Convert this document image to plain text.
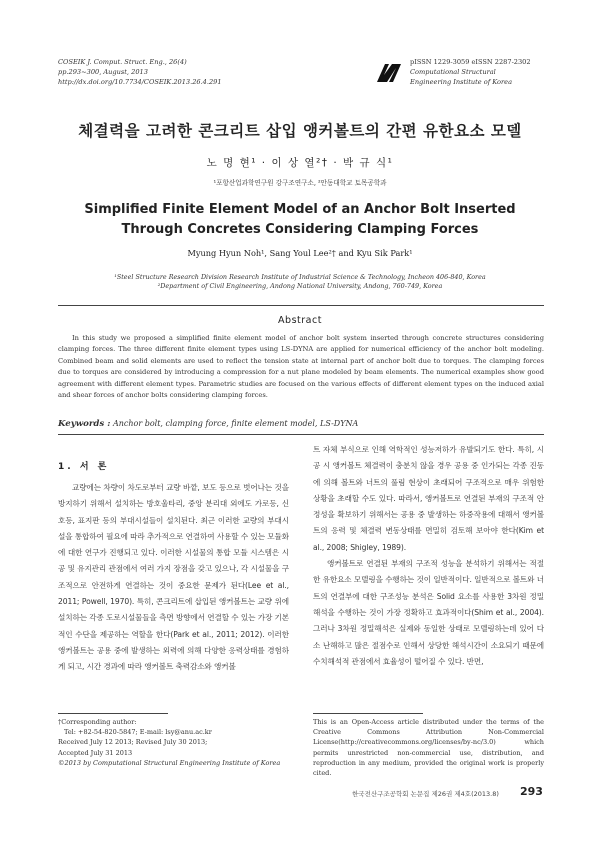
COSEIK J. Comput. Struct. Eng., 26(4)
pp.293~300, August, 2013
http://dx.doi.org/10.7734/COSEIK.2013.26.4.291
pISSN 1229-3059 eISSN 2287-2302
Computational Structural
Engineering Institute of Korea
체결력을 고려한 콘크리트 삽입 앵커볼트의 간편 유한요소 모델
노 명 현¹ · 이 상 열²† · 박 규 식¹
¹포항산업과학연구원 강구조연구소, ²안동대학교 토목공학과
Simplified Finite Element Model of an Anchor Bolt Inserted
Through Concretes Considering Clamping Forces
Myung Hyun Noh¹, Sang Youl Lee²† and Kyu Sik Park¹
¹Steel Structure Research Division Research Institute of Industrial Science & Technology, Incheon 406-840, Korea
²Department of Civil Engineering, Andong National University, Andong, 760-749, Korea
Abstract

In this study we proposed a simplified finite element model of anchor bolt system inserted through concrete structures considering clamping forces. The three different finite element types using LS-DYNA are applied for numerical efficiency of the anchor bolt modeling. Combined beam and solid elements are used to reflect the tension state at internal part of anchor bolt due to torques. The clamping forces due to torques are considered by introducing a compression for a nut plane modeled by beam elements. The numerical examples show good agreement with different element types. Parametric studies are focused on the various effects of different element types on the induced axial and shear forces of anchor bolts considering clamping forces.

Keywords : Anchor bolt, clamping force, finite element model, LS-DYNA
1. 서 론

교량에는 차량이 차도로부터 교량 바깥, 보도 등으로 벗어나는 것을 방지하기 위해서 설치하는 방호울타리, 중앙 분리대 외에도 가로등, 신호등, 표지판 등의 부대시설들이 설치된다. 최근 이러한 교량의 부대시설을 통합하여 필요에 따라 추가적으로 연결하여 사용할 수 있는 모듈화에 대한 연구가 진행되고 있다. 이러한 시설물의 통합 모듈 시스템은 시공 및 유지관리 관점에서 여러 가지 장점을 갖고 있으나, 각 시설물을 구조적으로 안전하게 연결하는 것이 중요한 문제가 된다(Lee et al., 2011; Powell, 1970). 특히, 콘크리트에 삽입된 앵커볼트는 교량 위에 설치하는 각종 도로시설물들을 측면 방향에서 연결할 수 있는 가장 기본적인 수단을 제공하는 역할을 한다(Park et al., 2011; 2012). 이러한 앵커볼트는 공용 중에 발생하는 외력에 의해 다양한 응력상태를 경험하게 되고, 시간 경과에 따라 앵커볼트 축력감소와 앵커볼

트 자체 부식으로 인해 역학적인 성능저하가 유발되기도 한다. 특히, 시공 시 앵커볼트 체결력이 충분치 않을 경우 공용 중 인가되는 각종 진동에 의해 볼트와 너트의 풀림 현상이 초래되어 구조적으로 매우 위험한 상황을 초래할 수도 있다. 따라서, 앵커볼트로 연결된 부재의 구조적 안정성을 확보하기 위해서는 공용 중 발생하는 하중작용에 대해서 앵커볼트의 응력 및 체결력 변동상태를 면밀히 검토해 보아야 한다(Kim et al., 2008; Shigley, 1989).

앵커볼트로 연결된 부재의 구조적 성능을 분석하기 위해서는 적절한 유한요소 모델링을 수행하는 것이 일반적이다. 일반적으로 볼트와 너트의 연결부에 대한 구조성능 분석은 Solid 요소를 사용한 3차원 정밀 해석을 수행하는 것이 가장 정확하고 효과적이다(Shim et al., 2004). 그러나 3차원 정밀해석은 실제와 동일한 상태로 모델링하는데 있어 다소 난해하고 많은 절점수로 인해서 상당한 해석시간이 소요되기 때문에 수치해석적 관점에서 효율성이 떨어질 수 있다. 반면,

†Corresponding author:
Tel: +82-54-820-5847; E-mail: lsy@anu.ac.kr
Received July 12 2013; Revised July 30 2013;
Accepted July 31 2013
©2013 by Computational Structural Engineering Institute of Korea
This is an Open-Access article distributed under the terms of the Creative Commons Attribution Non-Commercial License(http://creativecommons.org/licenses/by-nc/3.0) which permits unrestricted non-commercial use, distribution, and reproduction in any medium, provided the original work is properly cited.
한국전산구조공학회 논문집 제26권 제4호(2013.8) 293
